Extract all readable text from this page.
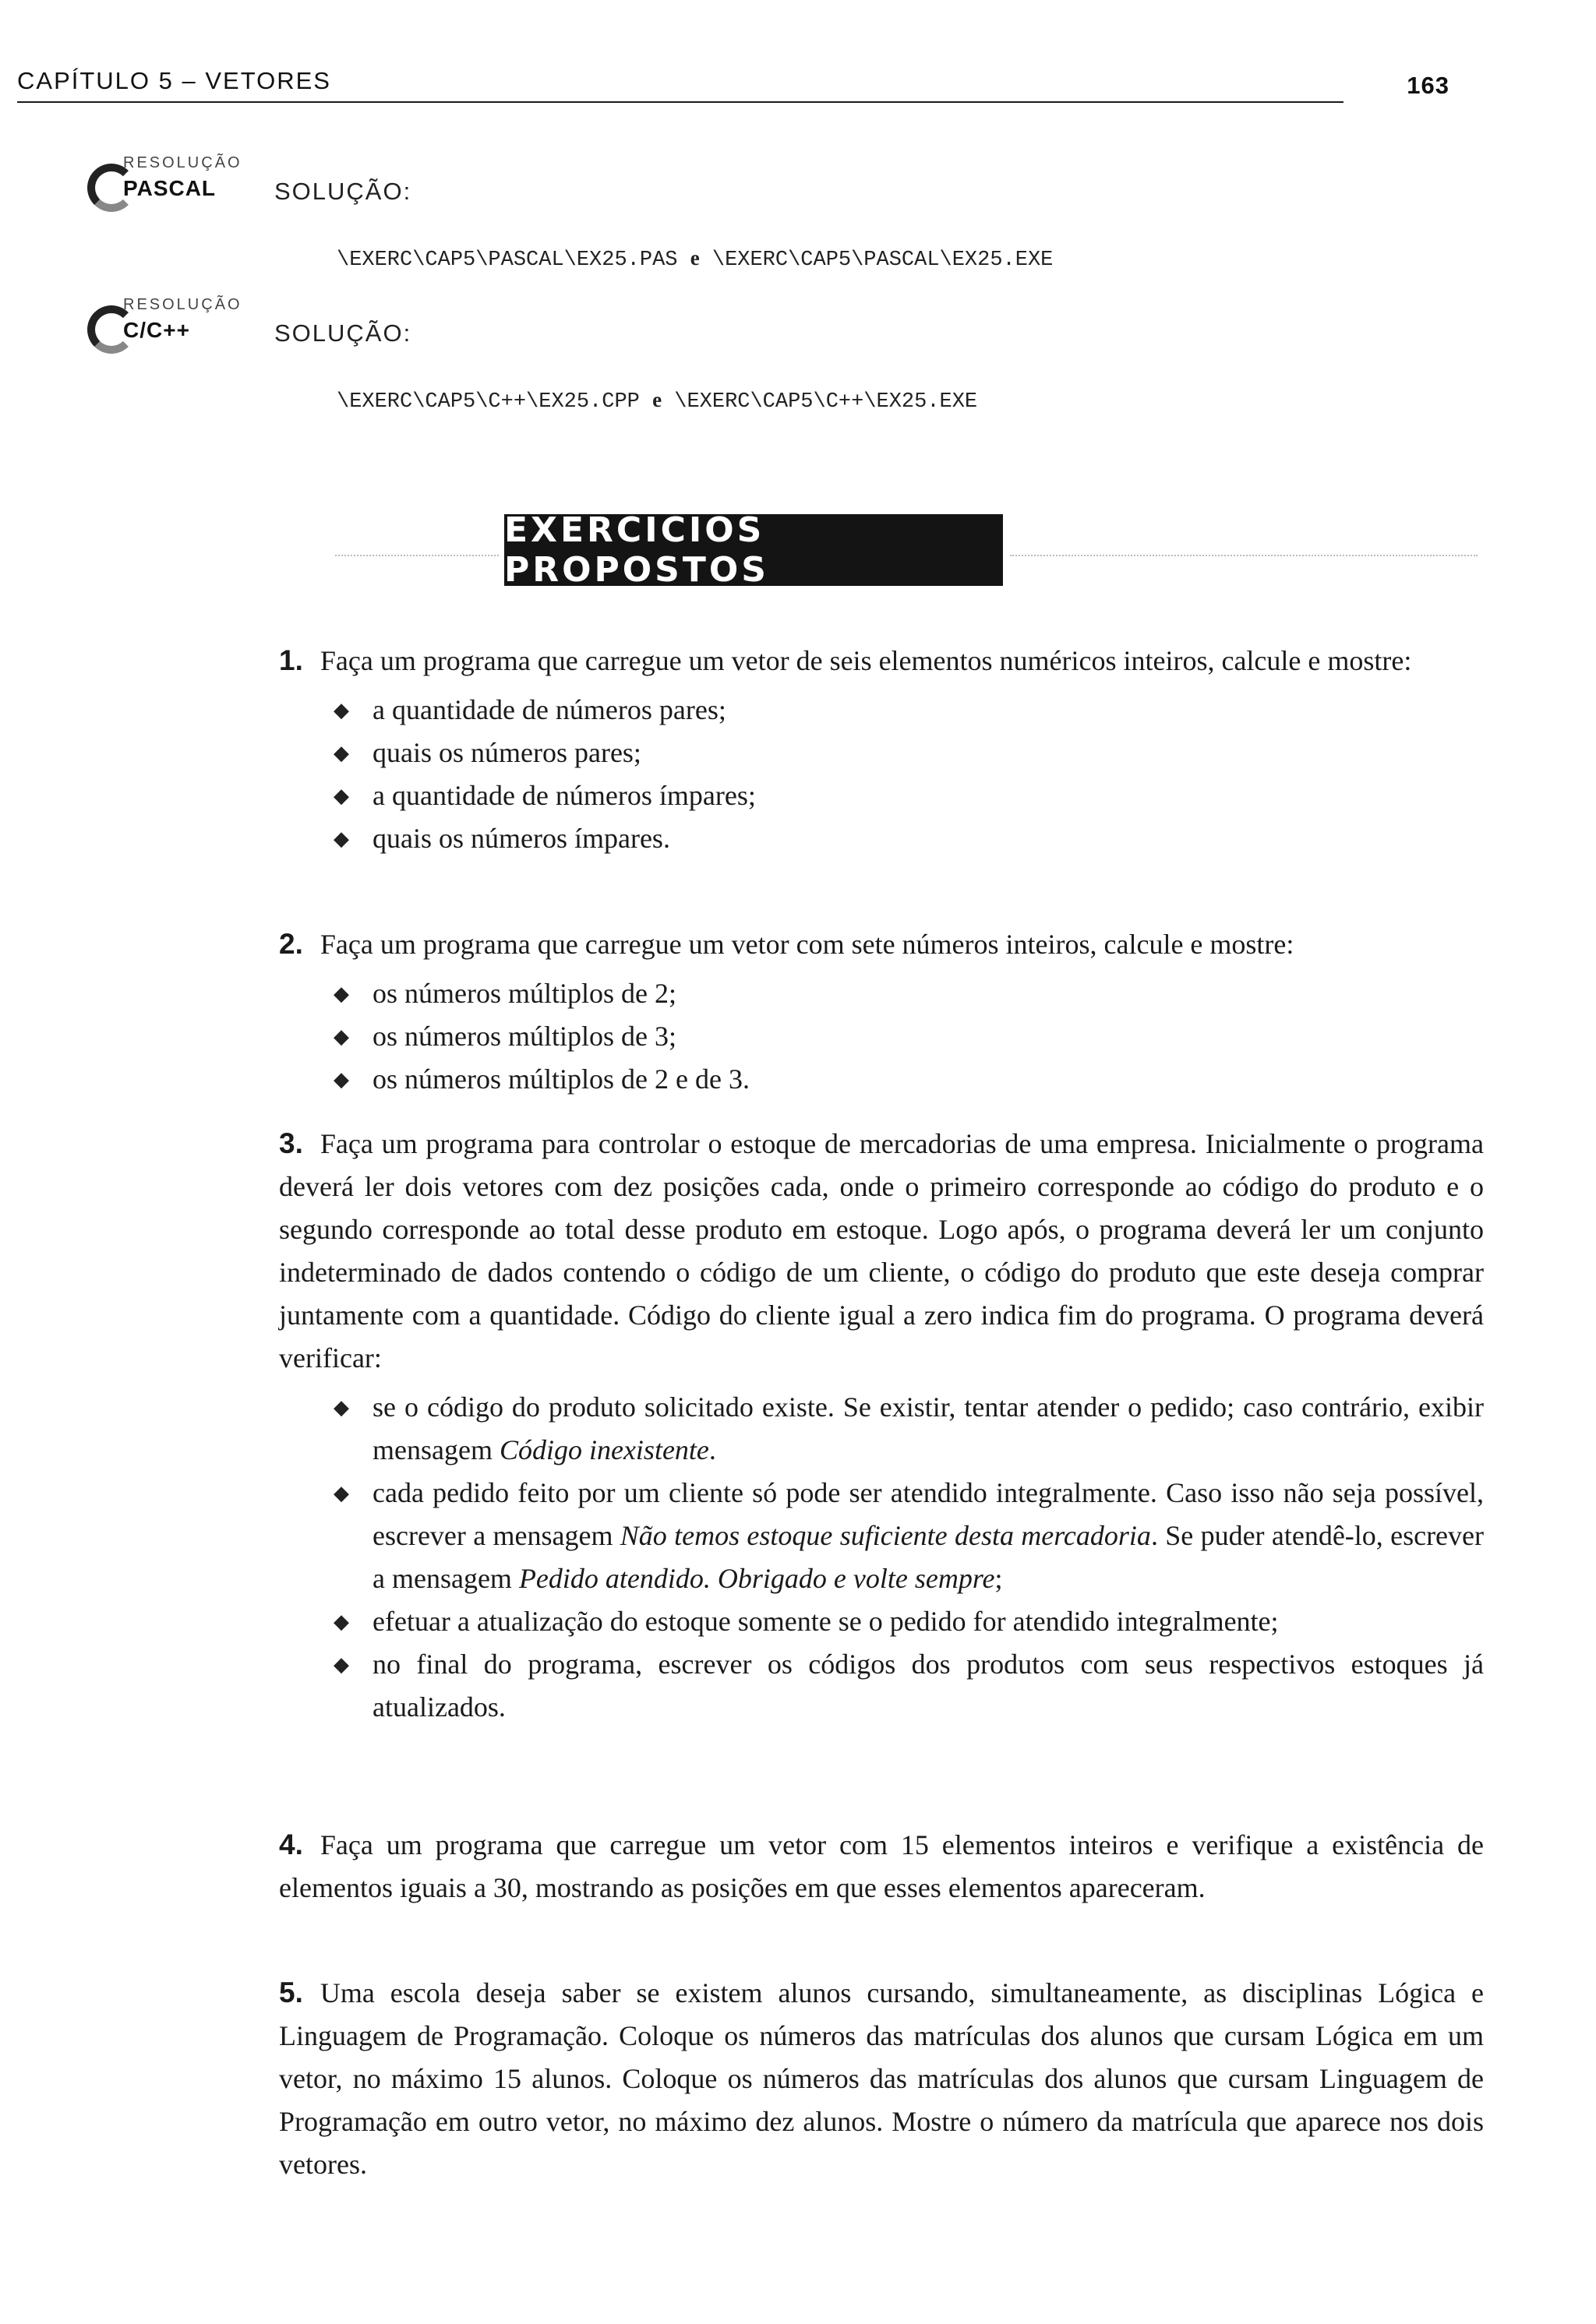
CAPÍTULO 5 – VETORES	163
RESOLUÇÃO
PASCAL SOLUÇÃO:
\EXERC\CAP5\PASCAL\EX25.PAS e \EXERC\CAP5\PASCAL\EX25.EXE
RESOLUÇÃO
C/C++	SOLUÇÃO:
\EXERC\CAP5\C++\EX25.CPP e \EXERC\CAP5\C++\EX25.EXE
EXERCÍCIOS PROPOSTOS
1. Faça um programa que carregue um vetor de seis elementos numéricos inteiros, calcule e mostre:
◆ a quantidade de números pares;
◆ quais os números pares;
◆ a quantidade de números ímpares;
◆ quais os números ímpares.
2. Faça um programa que carregue um vetor com sete números inteiros, calcule e mostre:
◆ os números múltiplos de 2;
◆ os números múltiplos de 3;
◆ os números múltiplos de 2 e de 3.
3. Faça um programa para controlar o estoque de mercadorias de uma empresa. Inicialmente o programa deverá ler dois vetores com dez posições cada, onde o primeiro corresponde ao código do produto e o segundo corresponde ao total desse produto em estoque. Logo após, o programa deverá ler um conjunto indeterminado de dados contendo o código de um cliente, o código do produto que este deseja comprar juntamente com a quantidade. Código do cliente igual a zero indica fim do programa. O programa deverá verificar:
◆ se o código do produto solicitado existe. Se existir, tentar atender o pedido; caso contrário, exibir mensagem Código inexistente.
◆ cada pedido feito por um cliente só pode ser atendido integralmente. Caso isso não seja possível, escrever a mensagem Não temos estoque suficiente desta mercadoria. Se puder atendê-lo, escrever a mensagem Pedido atendido. Obrigado e volte sempre;
◆ efetuar a atualização do estoque somente se o pedido for atendido integralmente;
◆ no final do programa, escrever os códigos dos produtos com seus respectivos estoques já atualizados.
4. Faça um programa que carregue um vetor com 15 elementos inteiros e verifique a existência de elementos iguais a 30, mostrando as posições em que esses elementos apareceram.
5. Uma escola deseja saber se existem alunos cursando, simultaneamente, as disciplinas Lógica e Linguagem de Programação. Coloque os números das matrículas dos alunos que cursam Lógica em um vetor, no máximo 15 alunos. Coloque os números das matrículas dos alunos que cursam Linguagem de Programação em outro vetor, no máximo dez alunos. Mostre o número da matrícula que aparece nos dois vetores.
